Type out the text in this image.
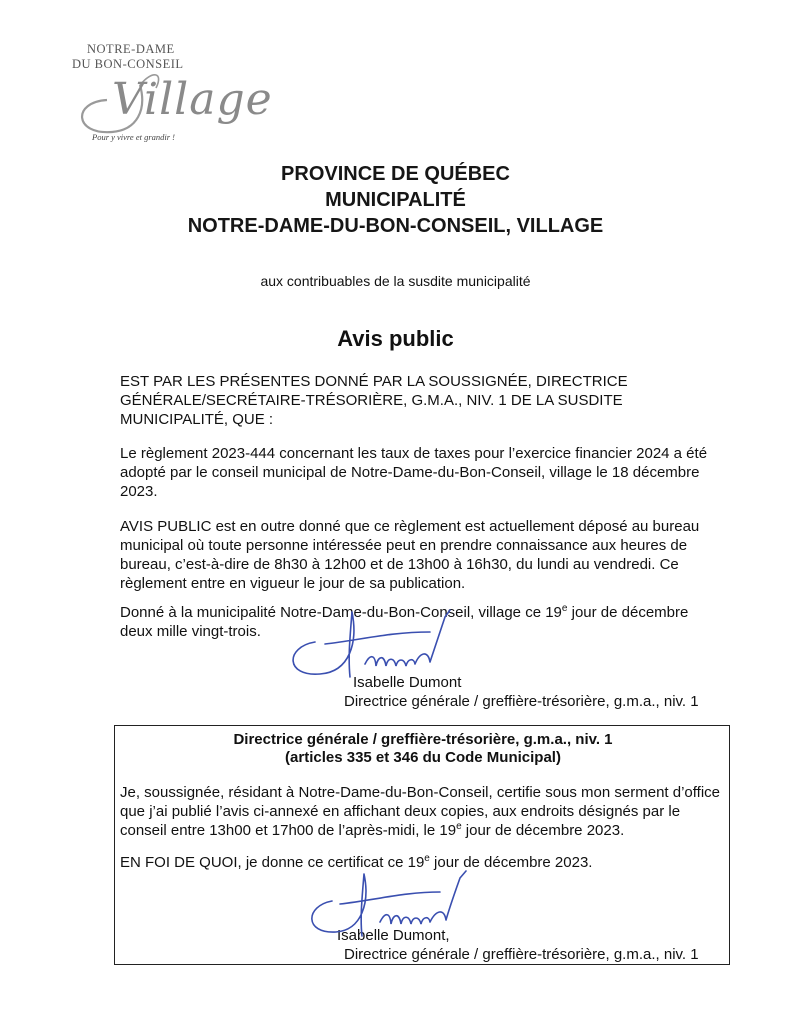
NOTRE-DAME
DU BON-CONSEIL
Village
Pour y vivre et grandir !
PROVINCE DE QUÉBEC
MUNICIPALITÉ
NOTRE-DAME-DU-BON-CONSEIL, VILLAGE
aux contribuables de la susdite municipalité
Avis public

EST PAR LES PRÉSENTES DONNÉ PAR LA SOUSSIGNÉE, DIRECTRICE GÉNÉRALE/SECRÉTAIRE-TRÉSORIÈRE, G.M.A., NIV. 1 DE LA SUSDITE MUNICIPALITÉ, QUE :

Le règlement 2023-444 concernant les taux de taxes pour l’exercice financier 2024 a été adopté par le conseil municipal de Notre-Dame-du-Bon-Conseil, village le 18 décembre 2023.

AVIS PUBLIC est en outre donné que ce règlement est actuellement déposé au bureau municipal où toute personne intéressée peut en prendre connaissance aux heures de bureau, c’est-à-dire de 8h30 à 12h00 et de 13h00 à 16h30, du lundi au vendredi. Ce règlement entre en vigueur le jour de sa publication.

Donné à la municipalité Notre-Dame-du-Bon-Conseil, village ce 19e jour de décembre deux mille vingt-trois.

Isabelle Dumont
Directrice générale / greffière-trésorière, g.m.a., niv. 1
Directrice générale / greffière-trésorière, g.m.a., niv. 1
(articles 335 et 346 du Code Municipal)

Je, soussignée, résidant à Notre-Dame-du-Bon-Conseil, certifie sous mon serment d’office que j’ai publié l’avis ci-annexé en affichant deux copies, aux endroits désignés par le conseil entre 13h00 et 17h00 de l’après-midi, le 19e jour de décembre 2023.

EN FOI DE QUOI, je donne ce certificat ce 19e jour de décembre 2023.

Isabelle Dumont,
Directrice générale / greffière-trésorière, g.m.a., niv. 1
